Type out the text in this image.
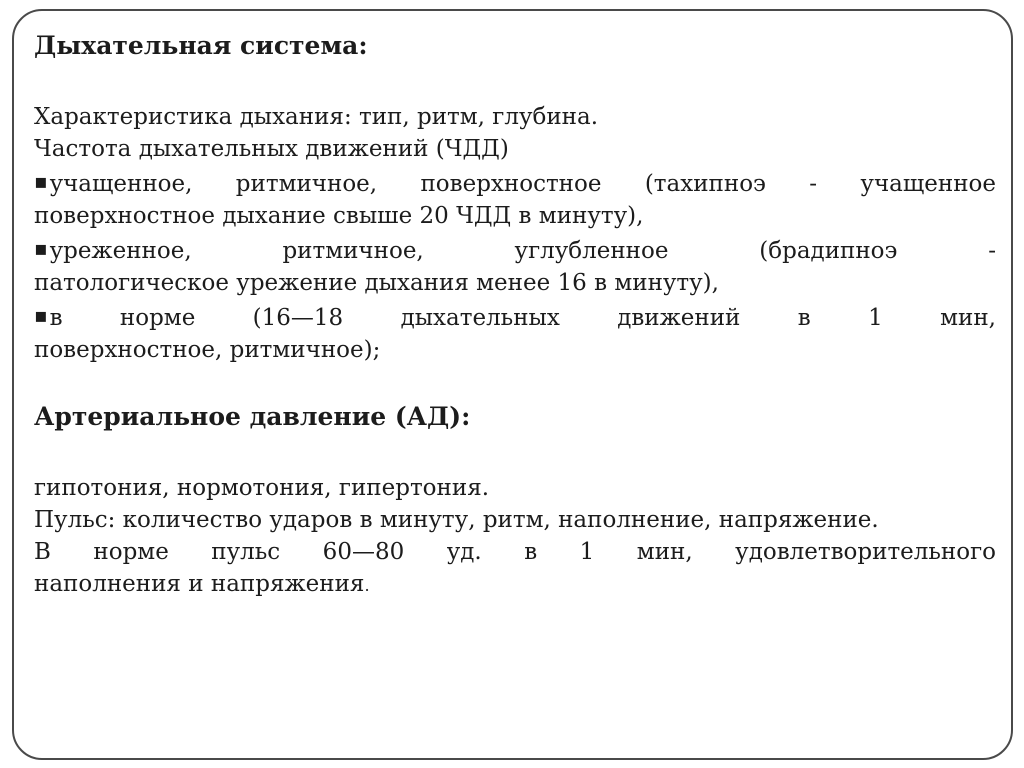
Дыхательная система:

Характеристика дыхания: тип, ритм, глубина.

Частота дыхательных движений (ЧДД)

▪учащенное, ритмичное, поверхностное (тахипноэ - учащенное

поверхностное дыхание свыше 20 ЧДД в минуту),

▪уреженное, ритмичное, углубленное (брадипноэ -

патологическое урежение дыхания менее 16 в минуту),

▪в норме (16—18 дыхательных движений в 1 мин,

поверхностное, ритмичное);

Артериальное давление (АД):

гипотония, нормотония, гипертония.

Пульс: количество ударов в минуту, ритм, наполнение, напряжение.

В норме пульс 60—80 уд. в 1 мин, удовлетворительного

наполнения и напряжения.
